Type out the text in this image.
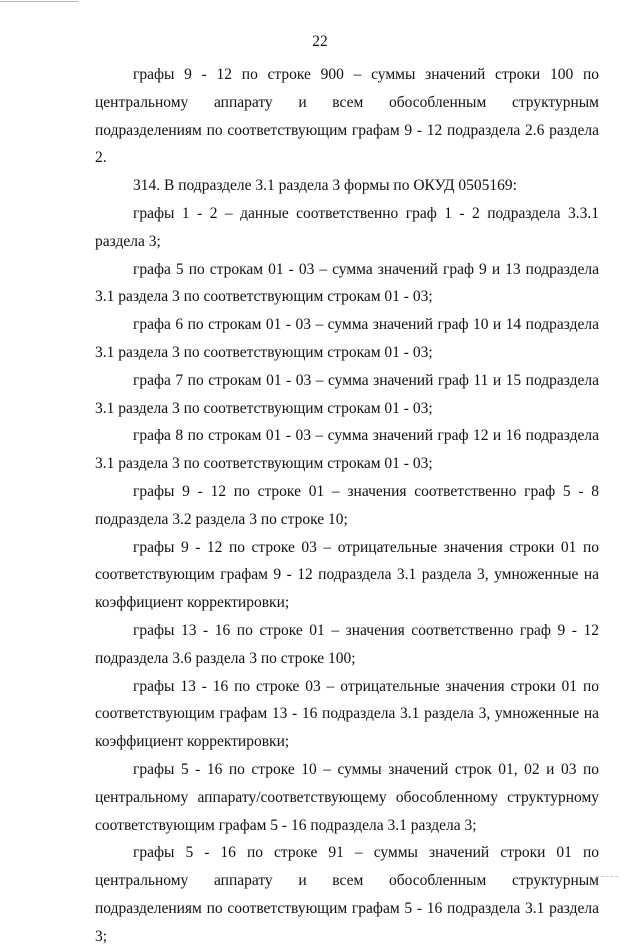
22

графы 9 - 12 по строке 900 – суммы значений строки 100 по центральному аппарату и всем обособленным структурным подразделениям по соответствующим графам 9 - 12 подраздела 2.6 раздела 2.

314. В подразделе 3.1 раздела 3 формы по ОКУД 0505169:

графы 1 - 2 – данные соответственно граф 1 - 2 подраздела 3.3.1 раздела 3;

графа 5 по строкам 01 - 03 – сумма значений граф 9 и 13 подраздела 3.1 раздела 3 по соответствующим строкам 01 - 03;

графа 6 по строкам 01 - 03 – сумма значений граф 10 и 14 подраздела 3.1 раздела 3 по соответствующим строкам 01 - 03;

графа 7 по строкам 01 - 03 – сумма значений граф 11 и 15 подраздела 3.1 раздела 3 по соответствующим строкам 01 - 03;

графа 8 по строкам 01 - 03 – сумма значений граф 12 и 16 подраздела 3.1 раздела 3 по соответствующим строкам 01 - 03;

графы 9 - 12 по строке 01 – значения соответственно граф 5 - 8 подраздела 3.2 раздела 3 по строке 10;

графы 9 - 12 по строке 03 – отрицательные значения строки 01 по соответствующим графам 9 - 12 подраздела 3.1 раздела 3, умноженные на коэффициент корректировки;

графы 13 - 16 по строке 01 – значения соответственно граф 9 - 12 подраздела 3.6 раздела 3 по строке 100;

графы 13 - 16 по строке 03 – отрицательные значения строки 01 по соответствующим графам 13 - 16 подраздела 3.1 раздела 3, умноженные на коэффициент корректировки;

графы 5 - 16 по строке 10 – суммы значений строк 01, 02 и 03 по центральному аппарату/соответствующему обособленному структурному соответствующим графам 5 - 16 подраздела 3.1 раздела 3;

графы 5 - 16 по строке 91 – суммы значений строки 01 по центральному аппарату и всем обособленным структурным подразделениям по соответствующим графам 5 - 16 подраздела 3.1 раздела 3;
